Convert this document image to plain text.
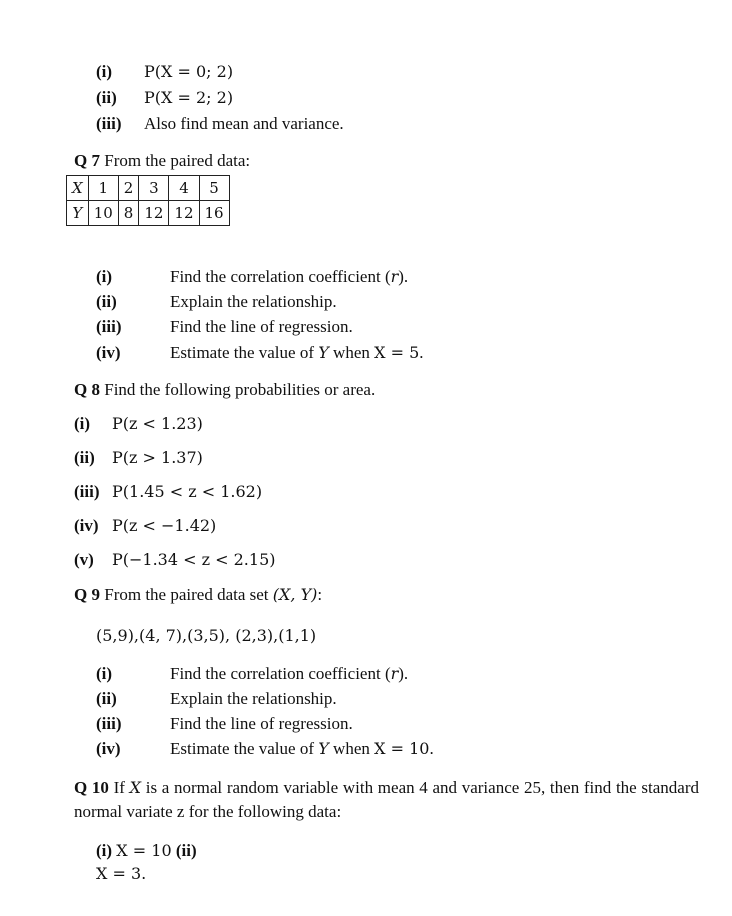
(i) P(X = 0; 2)
(ii) P(X = 2; 2)
(iii) Also find mean and variance.
Q 7 From the paired data:
X	1	2	3	4	5
Y	10	8	12	12	16
(i)	Find the correlation coefficient (r).
(ii)	Explain the relationship.
(iii)	Find the line of regression.
(iv)	Estimate the value of Y when X = 5.
Q 8 Find the following probabilities or area.
(i) P(z < 1.23)
(ii) P(z > 1.37)
(iii) P(1.45 < z < 1.62)
(iv) P(z < −1.42)
(v) P(−1.34 < z < 2.15)
Q 9 From the paired data set (X, Y):
(5,9),(4, 7),(3,5), (2,3),(1,1)
(i)	Find the correlation coefficient (r).
(ii)	Explain the relationship.
(iii)	Find the line of regression.
(iv)	Estimate the value of Y when X = 10.
Q 10 If X is a normal random variable with mean 4 and variance 25, then find the standard normal variate z for the following data:
(i) X = 10 (ii)
X = 3.
